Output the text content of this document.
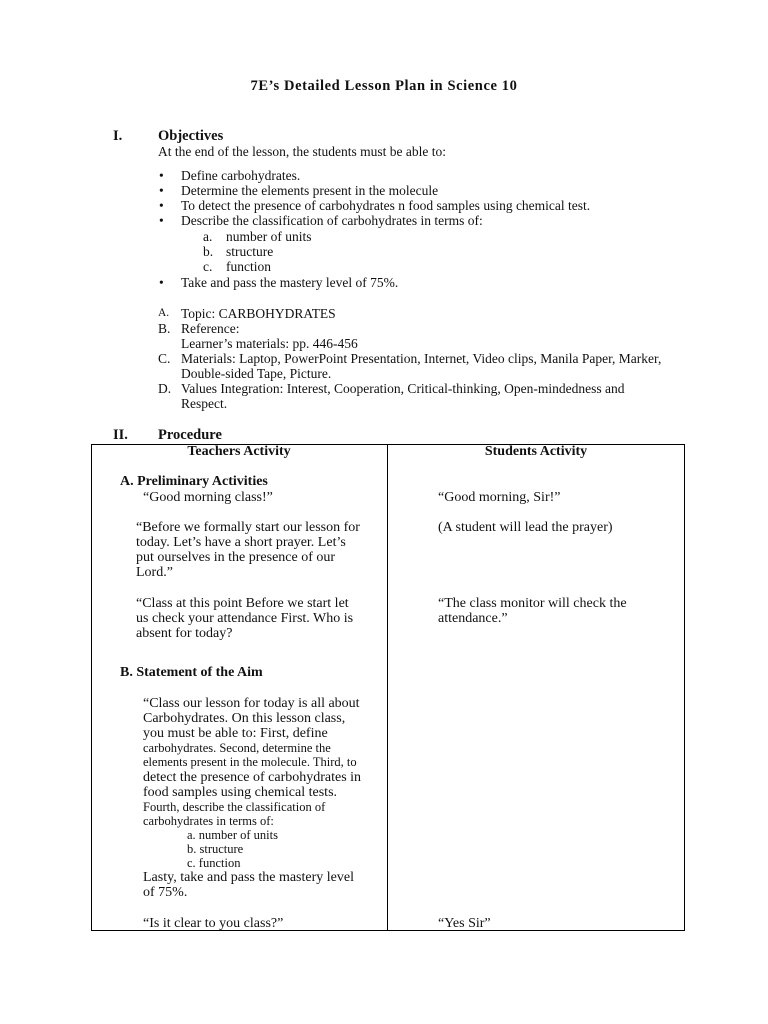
7E’s Detailed Lesson Plan in Science 10
I. Objectives
At the end of the lesson, the students must be able to:
• Define carbohydrates.
• Determine the elements present in the molecule
• To detect the presence of carbohydrates n food samples using chemical test.
• Describe the classification of carbohydrates in terms of:
a. number of units
b. structure
c. function
• Take and pass the mastery level of 75%.
A. Topic: CARBOHYDRATES
B. Reference:
Learner’s materials: pp. 446-456
C. Materials: Laptop, PowerPoint Presentation, Internet, Video clips, Manila Paper, Marker,
Double-sided Tape, Picture.
D. Values Integration: Interest, Cooperation, Critical-thinking, Open-mindedness and
Respect.
II. Procedure
Teachers Activity	Students Activity
A. Preliminary Activities
“Good morning class!”
“Before we formally start our lesson for
today. Let’s have a short prayer. Let’s
put ourselves in the presence of our
Lord.”
“Class at this point Before we start let
us check your attendance First. Who is
absent for today?
B. Statement of the Aim
“Class our lesson for today is all about
Carbohydrates. On this lesson class,
you must be able to: First, define
carbohydrates. Second, determine the
elements present in the molecule. Third, to
detect the presence of carbohydrates in
food samples using chemical tests.
Fourth, describe the classification of
carbohydrates in terms of:
a. number of units
b. structure
c. function
Lasty, take and pass the mastery level
of 75%.
“Is it clear to you class?”
“Good morning, Sir!”
(A student will lead the prayer)
“The class monitor will check the
attendance.”
“Yes Sir”
